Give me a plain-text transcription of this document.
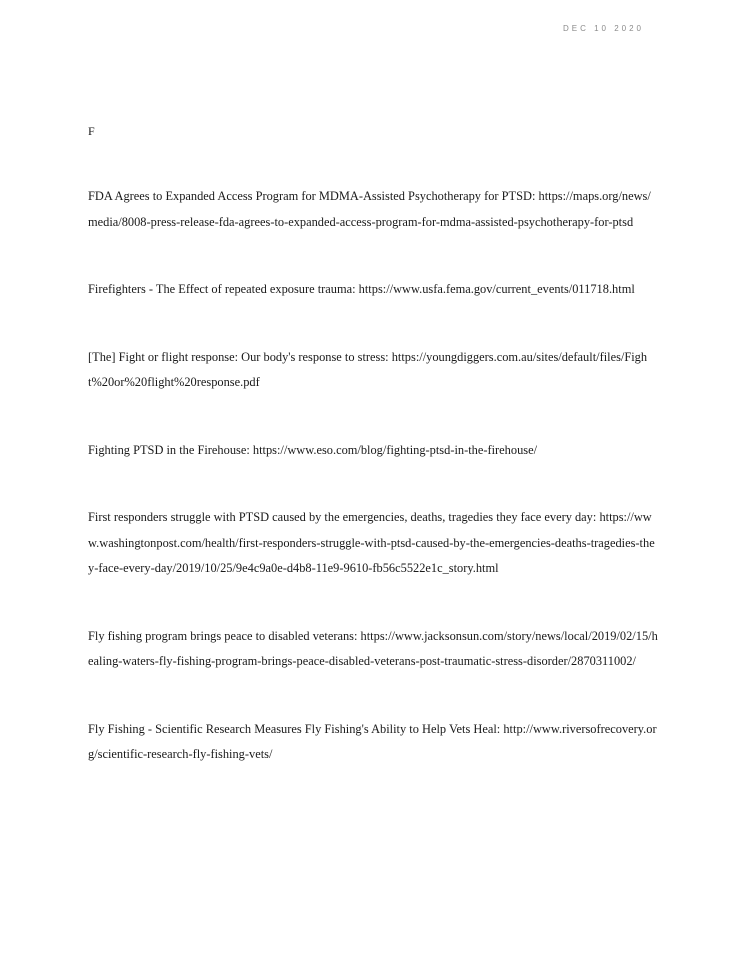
DEC 10 2020
F

FDA Agrees to Expanded Access Program for MDMA-Assisted Psychotherapy for PTSD: https://maps.org/news/media/8008-press-release-fda-agrees-to-expanded-access-program-for-mdma-assisted-psychotherapy-for-ptsd

Firefighters - The Effect of repeated exposure trauma: https://www.usfa.fema.gov/current_events/011718.html

[The] Fight or flight response: Our body's response to stress: https://youngdiggers.com.au/sites/default/files/Fight%20or%20flight%20response.pdf

Fighting PTSD in the Firehouse: https://www.eso.com/blog/fighting-ptsd-in-the-firehouse/

First responders struggle with PTSD caused by the emergencies, deaths, tragedies they face every day: https://www.washingtonpost.com/health/first-responders-struggle-with-ptsd-caused-by-the-emergencies-deaths-tragedies-they-face-every-day/2019/10/25/9e4c9a0e-d4b8-11e9-9610-fb56c5522e1c_story.html

Fly fishing program brings peace to disabled veterans: https://www.jacksonsun.com/story/news/local/2019/02/15/healing-waters-fly-fishing-program-brings-peace-disabled-veterans-post-traumatic-stress-disorder/2870311002/

Fly Fishing - Scientific Research Measures Fly Fishing's Ability to Help Vets Heal: http://www.riversofrecovery.org/scientific-research-fly-fishing-vets/
